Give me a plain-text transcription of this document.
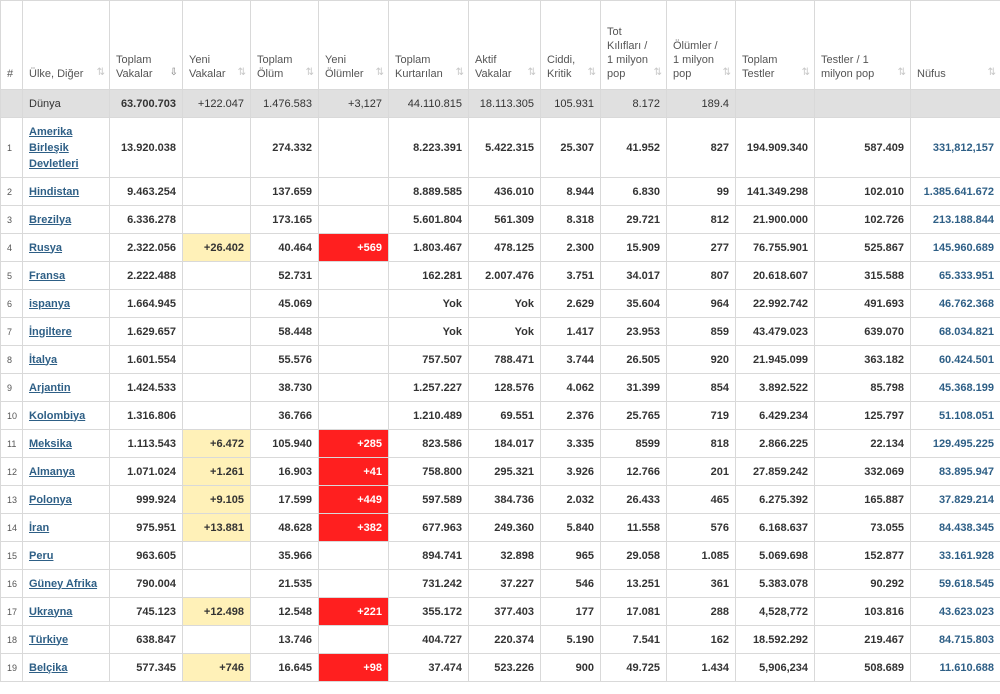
#	Ülke, Diğer ⇅	Toplam Vakalar ⇩	Yeni Vakalar ⇅	Toplam Ölüm ⇅	Yeni Ölümler ⇅	Toplam Kurtarılan ⇅	Aktif Vakalar ⇅	Ciddi, Kritik ⇅	Tot Kılıfları / 1 milyon pop ⇅	Ölümler / 1 milyon pop ⇅	Toplam Testler ⇅	Testler / 1 milyon pop ⇅	Nüfus ⇅

	Dünya	63.700.703	+122.047	1.476.583	+3,127	44.110.815	18.113.305	105.931	8.172	189.4			
1	Amerika Birleşik Devletleri	13.920.038		274.332		8.223.391	5.422.315	25.307	41.952	827	194.909.340	587.409	331,812,157
2	Hindistan	9.463.254		137.659		8.889.585	436.010	8.944	6.830	99	141.349.298	102.010	1.385.641.672
3	Brezilya	6.336.278		173.165		5.601.804	561.309	8.318	29.721	812	21.900.000	102.726	213.188.844
4	Rusya	2.322.056	+26.402	40.464	+569	1.803.467	478.125	2.300	15.909	277	76.755.901	525.867	145.960.689
5	Fransa	2.222.488		52.731		162.281	2.007.476	3.751	34.017	807	20.618.607	315.588	65.333.951
6	ispanya	1.664.945		45.069		Yok	Yok	2.629	35.604	964	22.992.742	491.693	46.762.368
7	İngiltere	1.629.657		58.448		Yok	Yok	1.417	23.953	859	43.479.023	639.070	68.034.821
8	İtalya	1.601.554		55.576		757.507	788.471	3.744	26.505	920	21.945.099	363.182	60.424.501
9	Arjantin	1.424.533		38.730		1.257.227	128.576	4.062	31.399	854	3.892.522	85.798	45.368.199
10	Kolombiya	1.316.806		36.766		1.210.489	69.551	2.376	25.765	719	6.429.234	125.797	51.108.051
11	Meksika	1.113.543	+6.472	105.940	+285	823.586	184.017	3.335	8599	818	2.866.225	22.134	129.495.225
12	Almanya	1.071.024	+1.261	16.903	+41	758.800	295.321	3.926	12.766	201	27.859.242	332.069	83.895.947
13	Polonya	999.924	+9.105	17.599	+449	597.589	384.736	2.032	26.433	465	6.275.392	165.887	37.829.214
14	İran	975.951	+13.881	48.628	+382	677.963	249.360	5.840	11.558	576	6.168.637	73.055	84.438.345
15	Peru	963.605		35.966		894.741	32.898	965	29.058	1.085	5.069.698	152.877	33.161.928
16	Güney Afrika	790.004		21.535		731.242	37.227	546	13.251	361	5.383.078	90.292	59.618.545
17	Ukrayna	745.123	+12.498	12.548	+221	355.172	377.403	177	17.081	288	4,528,772	103.816	43.623.023
18	Türkiye	638.847		13.746		404.727	220.374	5.190	7.541	162	18.592.292	219.467	84.715.803
19	Belçika	577.345	+746	16.645	+98	37.474	523.226	900	49.725	1.434	5,906,234	508.689	11.610.688
